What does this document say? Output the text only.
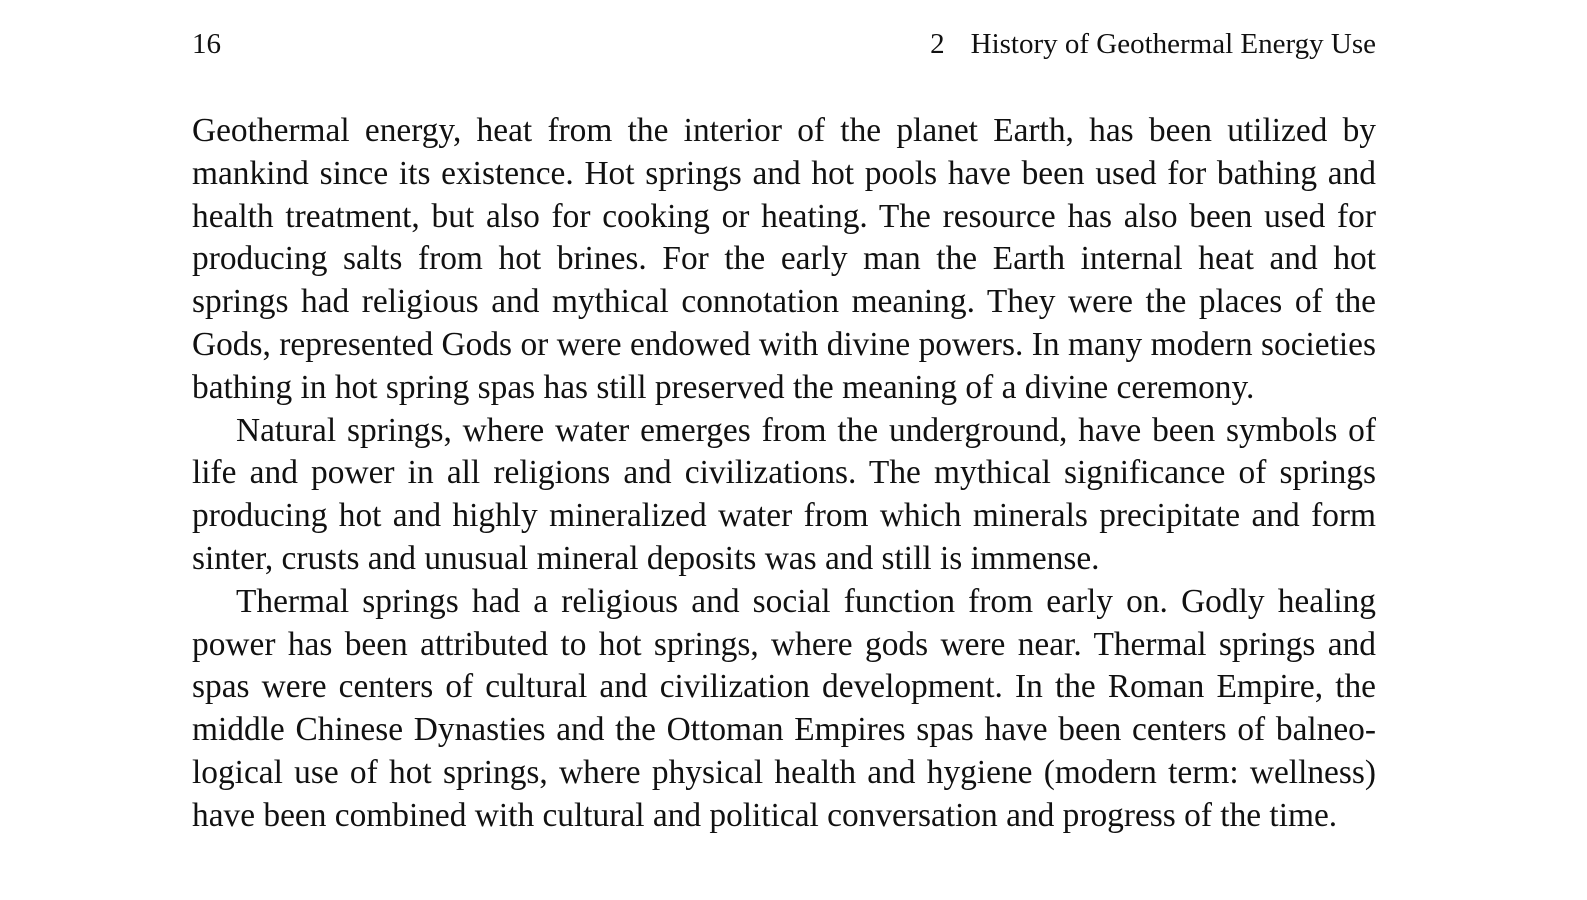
16	2 History of Geothermal Energy Use

Geothermal energy, heat from the interior of the planet Earth, has been utilized by mankind since its existence. Hot springs and hot pools have been used for bathing and health treatment, but also for cooking or heating. The resource has also been used for producing salts from hot brines. For the early man the Earth internal heat and hot springs had religious and mythical connotation meaning. They were the places of the Gods, represented Gods or were endowed with divine powers. In many modern societies bathing in hot spring spas has still preserved the meaning of a divine ceremony.

Natural springs, where water emerges from the underground, have been symbols of life and power in all religions and civilizations. The mythical significance of springs producing hot and highly mineralized water from which minerals precipitate and form sinter, crusts and unusual mineral deposits was and still is immense.

Thermal springs had a religious and social function from early on. Godly healing power has been attributed to hot springs, where gods were near. Thermal springs and spas were centers of cultural and civilization development. In the Roman Empire, the middle Chinese Dynasties and the Ottoman Empires spas have been centers of balneological use of hot springs, where physical health and hygiene (modern term: wellness) have been combined with cultural and political conversation and progress of the time.
